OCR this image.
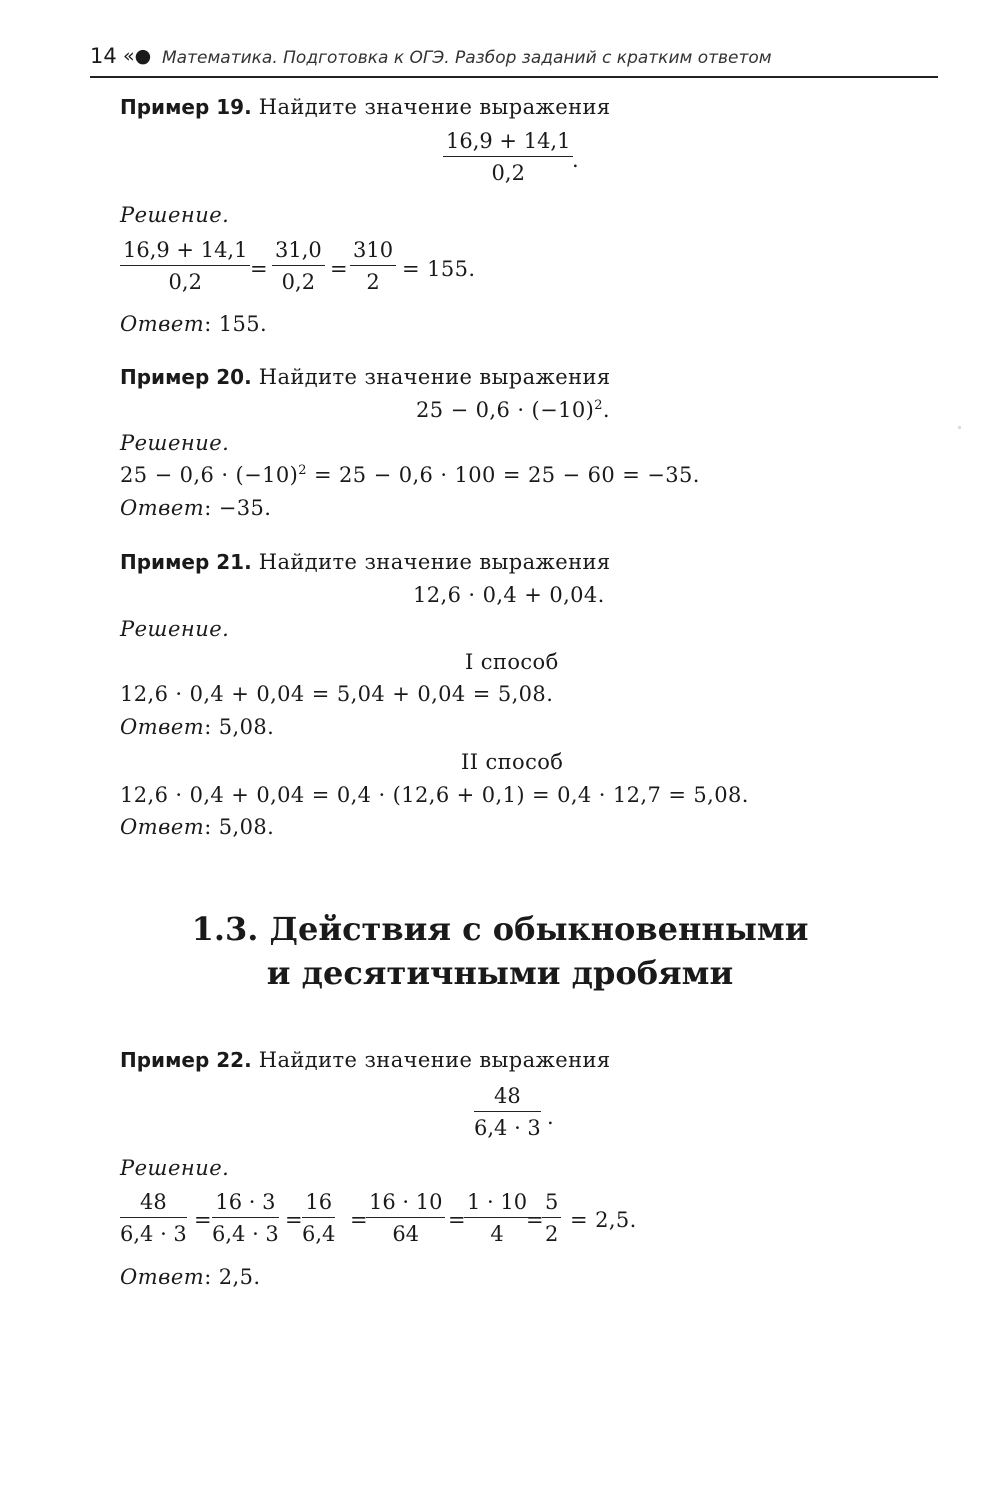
14 «● Математика. Подготовка к ОГЭ. Разбор заданий с кратким ответом
Пример 19. Найдите значение выражения
$\frac{16,9 + 14,1}{0,2}$
.
Решение.
$\frac{16,9 + 14,1}{0,2} = \frac{31,0}{0,2} = \frac{310}{2} = 155$.
Ответ: 155.
Пример 20. Найдите значение выражения
$25 - 0,6 \cdot (-10)^2$.
Решение.
$25 - 0,6 \cdot (-10)^2 = 25 - 0,6 \cdot 100 = 25 - 60 = -35$.
Ответ: −35.
Пример 21. Найдите значение выражения
12,6 · 0,4 + 0,04.
Решение.
I способ
12,6 · 0,4 + 0,04 = 5,04 + 0,04 = 5,08.
Ответ: 5,08.
II способ
12,6 · 0,4 + 0,04 = 0,4 · (12,6 + 0,1) = 0,4 · 12,7 = 5,08.
Ответ: 5,08.
1.3. Действия с обыкновенными
и десятичными дробями
Пример 22. Найдите значение выражения
$\frac{48}{6,4 \cdot 3}$ .
Решение.
$\frac{48}{6,4 \cdot 3} = \frac{16 \cdot 3}{6,4 \cdot 3} = \frac{16}{6,4}$ =
$\frac{16 \cdot 10}{64}$ =
$\frac{1 \cdot 10}{4}$
=
$\frac{5}{2} = 2,5$.
Ответ: 2,5.
